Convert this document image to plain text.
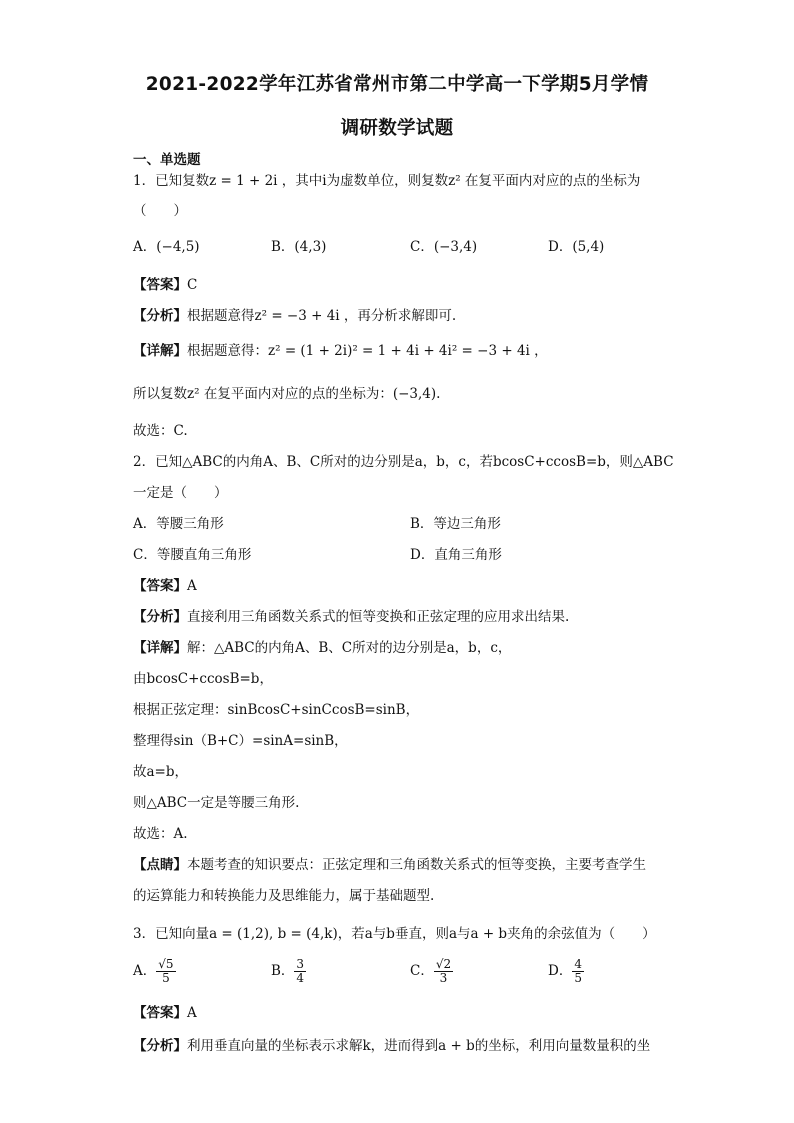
2021-2022学年江苏省常州市第二中学高一下学期5月学情
调研数学试题
一、单选题
1．已知复数z = 1 + 2i ，其中i为虚数单位，则复数z² 在复平面内对应的点的坐标为
（　　）
A．(−4,5)	B．(4,3)	C．(−3,4)	D．(5,4)
【答案】C
【分析】根据题意得z² = −3 + 4i ，再分析求解即可.
【详解】根据题意得：z² = (1 + 2i)² = 1 + 4i + 4i² = −3 + 4i ，
所以复数z² 在复平面内对应的点的坐标为：(−3,4).
故选：C.
2．已知△ABC的内角A、B、C所对的边分别是a，b，c，若bcosC+ccosB=b，则△ABC
一定是（　　）
A．等腰三角形	B．等边三角形
C．等腰直角三角形	D．直角三角形
【答案】A
【分析】直接利用三角函数关系式的恒等变换和正弦定理的应用求出结果.
【详解】解：△ABC的内角A、B、C所对的边分别是a，b，c，
由bcosC+ccosB=b，
根据正弦定理：sinBcosC+sinCcosB=sinB，
整理得sin（B+C）=sinA=sinB，
故a=b，
则△ABC一定是等腰三角形.
故选：A.
【点睛】本题考查的知识要点：正弦定理和三角函数关系式的恒等变换，主要考查学生
的运算能力和转换能力及思维能力，属于基础题型.
3．已知向量a = (1,2), b = (4,k)，若a与b垂直，则a与a + b夹角的余弦值为（　　）
A． $\frac{√5}{5}$	B． $\frac{3}{4}$	C． $\frac{√2}{3}$	D． $\frac{4}{5}$
【答案】A
【分析】利用垂直向量的坐标表示求解k，进而得到a + b的坐标，利用向量数量积的坐
